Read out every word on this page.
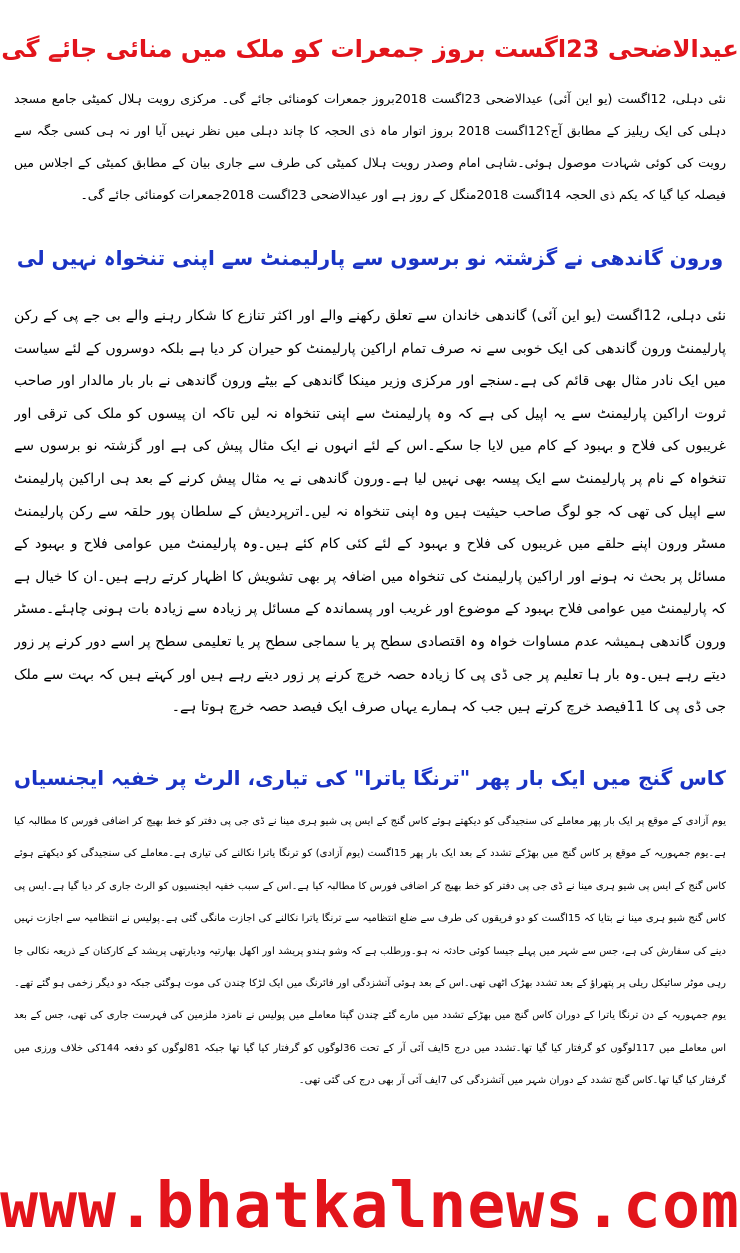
عیدالاضحی 23اگست بروز جمعرات کو ملک میں منائی جائے گی

نئی دہلی، 12اگست (یو این آئی) عیدالاضحی 23اگست 2018بروز جمعرات کومنائی جائے گی۔ مرکزی رویت ہلال کمیٹی جامع مسجد دہلی کی ایک ریلیز کے مطابق آج؟12اگست 2018 بروز اتوار ماہ ذی الحجہ کا چاند دہلی میں نظر نہیں آیا اور نہ ہی کسی جگہ سے رویت کی کوئی شہادت موصول ہوئی۔شاہی امام وصدر رویت ہلال کمیٹی کی طرف سے جاری بیان کے مطابق کمیٹی کے اجلاس میں فیصلہ کیا گیا کہ یکم ذی الحجہ 14اگست 2018منگل کے روز ہے اور عیدالاضحی 23اگست 2018جمعرات کومنائی جائے گی۔

ورون گاندھی نے گزشتہ نو برسوں سے پارلیمنٹ سے اپنی تنخواہ نہیں لی

نئی دہلی، 12اگست (یو این آئی) گاندھی خاندان سے تعلق رکھنے والے اور اکثر تنازع کا شکار رہنے والے بی جے پی کے رکن پارلیمنٹ ورون گاندھی کی ایک خوبی سے نہ صرف تمام اراکین پارلیمنٹ کو حیران کر دیا ہے بلکہ دوسروں کے لئے سیاست میں ایک نادر مثال بھی قائم کی ہے۔سنجے اور مرکزی وزیر مینکا گاندھی کے بیٹے ورون گاندھی نے بار بار مالدار اور صاحب ثروت اراکین پارلیمنٹ سے یہ اپیل کی ہے کہ وہ پارلیمنٹ سے اپنی تنخواہ نہ لیں تاکہ ان پیسوں کو ملک کی ترقی اور غریبوں کی فلاح و بہبود کے کام میں لایا جا سکے۔اس کے لئے انہوں نے ایک مثال پیش کی ہے اور گزشتہ نو برسوں سے تنخواہ کے نام پر پارلیمنٹ سے ایک پیسہ بھی نہیں لیا ہے۔ورون گاندھی نے یہ مثال پیش کرنے کے بعد ہی اراکین پارلیمنٹ سے اپیل کی تھی کہ جو لوگ صاحب حیثیت ہیں وہ اپنی تنخواہ نہ لیں۔اترپردیش کے سلطان پور حلقہ سے رکن پارلیمنٹ مسٹر ورون اپنے حلقے میں غریبوں کی فلاح و بہبود کے لئے کئی کام کئے ہیں۔وہ پارلیمنٹ میں عوامی فلاح و بہبود کے مسائل پر بحث نہ ہونے اور اراکین پارلیمنٹ کی تنخواہ میں اضافہ پر بھی تشویش کا اظہار کرتے رہے ہیں۔ان کا خیال ہے کہ پارلیمنٹ میں عوامی فلاح بہبود کے موضوع اور غریب اور پسماندہ کے مسائل پر زیادہ سے زیادہ بات ہونی چاہئے۔مسٹر ورون گاندھی ہمیشہ عدم مساوات خواہ وہ اقتصادی سطح پر یا سماجی سطح پر یا تعلیمی سطح پر اسے دور کرنے پر زور دیتے رہے ہیں۔وہ بار ہا تعلیم پر جی ڈی پی کا زیادہ حصہ خرچ کرنے پر زور دیتے رہے ہیں اور کہتے ہیں کہ بہت سے ملک جی ڈی پی کا 11فیصد خرچ کرتے ہیں جب کہ ہمارے یہاں صرف ایک فیصد حصہ خرچ ہوتا ہے۔

کاس گنج میں ایک بار پھر "ترنگا یاترا" کی تیاری، الرٹ پر خفیہ ایجنسیاں

یوم آزادی کے موقع پر ایک بار پھر معاملے کی سنجیدگی کو دیکھتے ہوئے کاس گنج کے ایس پی شیو ہری مینا نے ڈی جی پی دفتر کو خط بھیج کر اضافی فورس کا مطالبہ کیا ہے۔یوم جمہوریہ کے موقع پر کاس گنج میں بھڑکے تشدد کے بعد ایک بار پھر 15اگست (یوم آزادی) کو ترنگا یاترا نکالنے کی تیاری ہے۔معاملے کی سنجیدگی کو دیکھتے ہوئے کاس گنج کے ایس پی شیو ہری مینا نے ڈی جی پی دفتر کو خط بھیج کر اضافی فورس کا مطالبہ کیا ہے۔اس کے سبب خفیہ ایجنسیوں کو الرٹ جاری کر دیا گیا ہے۔ایس پی کاس گنج شیو ہری مینا نے بتایا کہ 15اگست کو دو فریقوں کی طرف سے ضلع انتظامیہ سے ترنگا یاترا نکالنے کی اجازت مانگی گئی ہے۔پولیس نے انتظامیہ سے اجازت نہیں دینے کی سفارش کی ہے، جس سے شہر میں پہلے جیسا کوئی حادثہ نہ ہو۔ورطلب ہے کہ وشو ہندو پریشد اور اکھل بھارتیہ ودیارتھی پریشد کے کارکنان کے ذریعہ نکالی جا رہی موٹر سائیکل ریلی پر پتھراؤ کے بعد تشدد بھڑک اٹھی تھی۔اس کے بعد ہوئی آتشزدگی اور فائرنگ میں ایک لڑکا چندن کی موت ہوگئی جبکہ دو دیگر زخمی ہو گئے تھے۔یوم جمہوریہ کے دن ترنگا یاترا کے دوران کاس گنج میں بھڑکے تشدد میں مارے گئے چندن گپتا معاملے میں پولیس نے نامزد ملزمین کی فہرست جاری کی تھی، جس کے بعد اس معاملے میں 117لوگوں کو گرفتار کیا گیا تھا۔تشدد میں درج 5ایف آئی آر کے تحت 36لوگوں کو گرفتار کیا گیا تھا جبکہ 81لوگوں کو دفعہ 144کی خلاف ورزی میں گرفتار کیا گیا تھا۔کاس گنج تشدد کے دوران شہر میں آتشزدگی کی 7ایف آئی آر بھی درج کی گئی تھی۔

www.bhatkalnews.com
